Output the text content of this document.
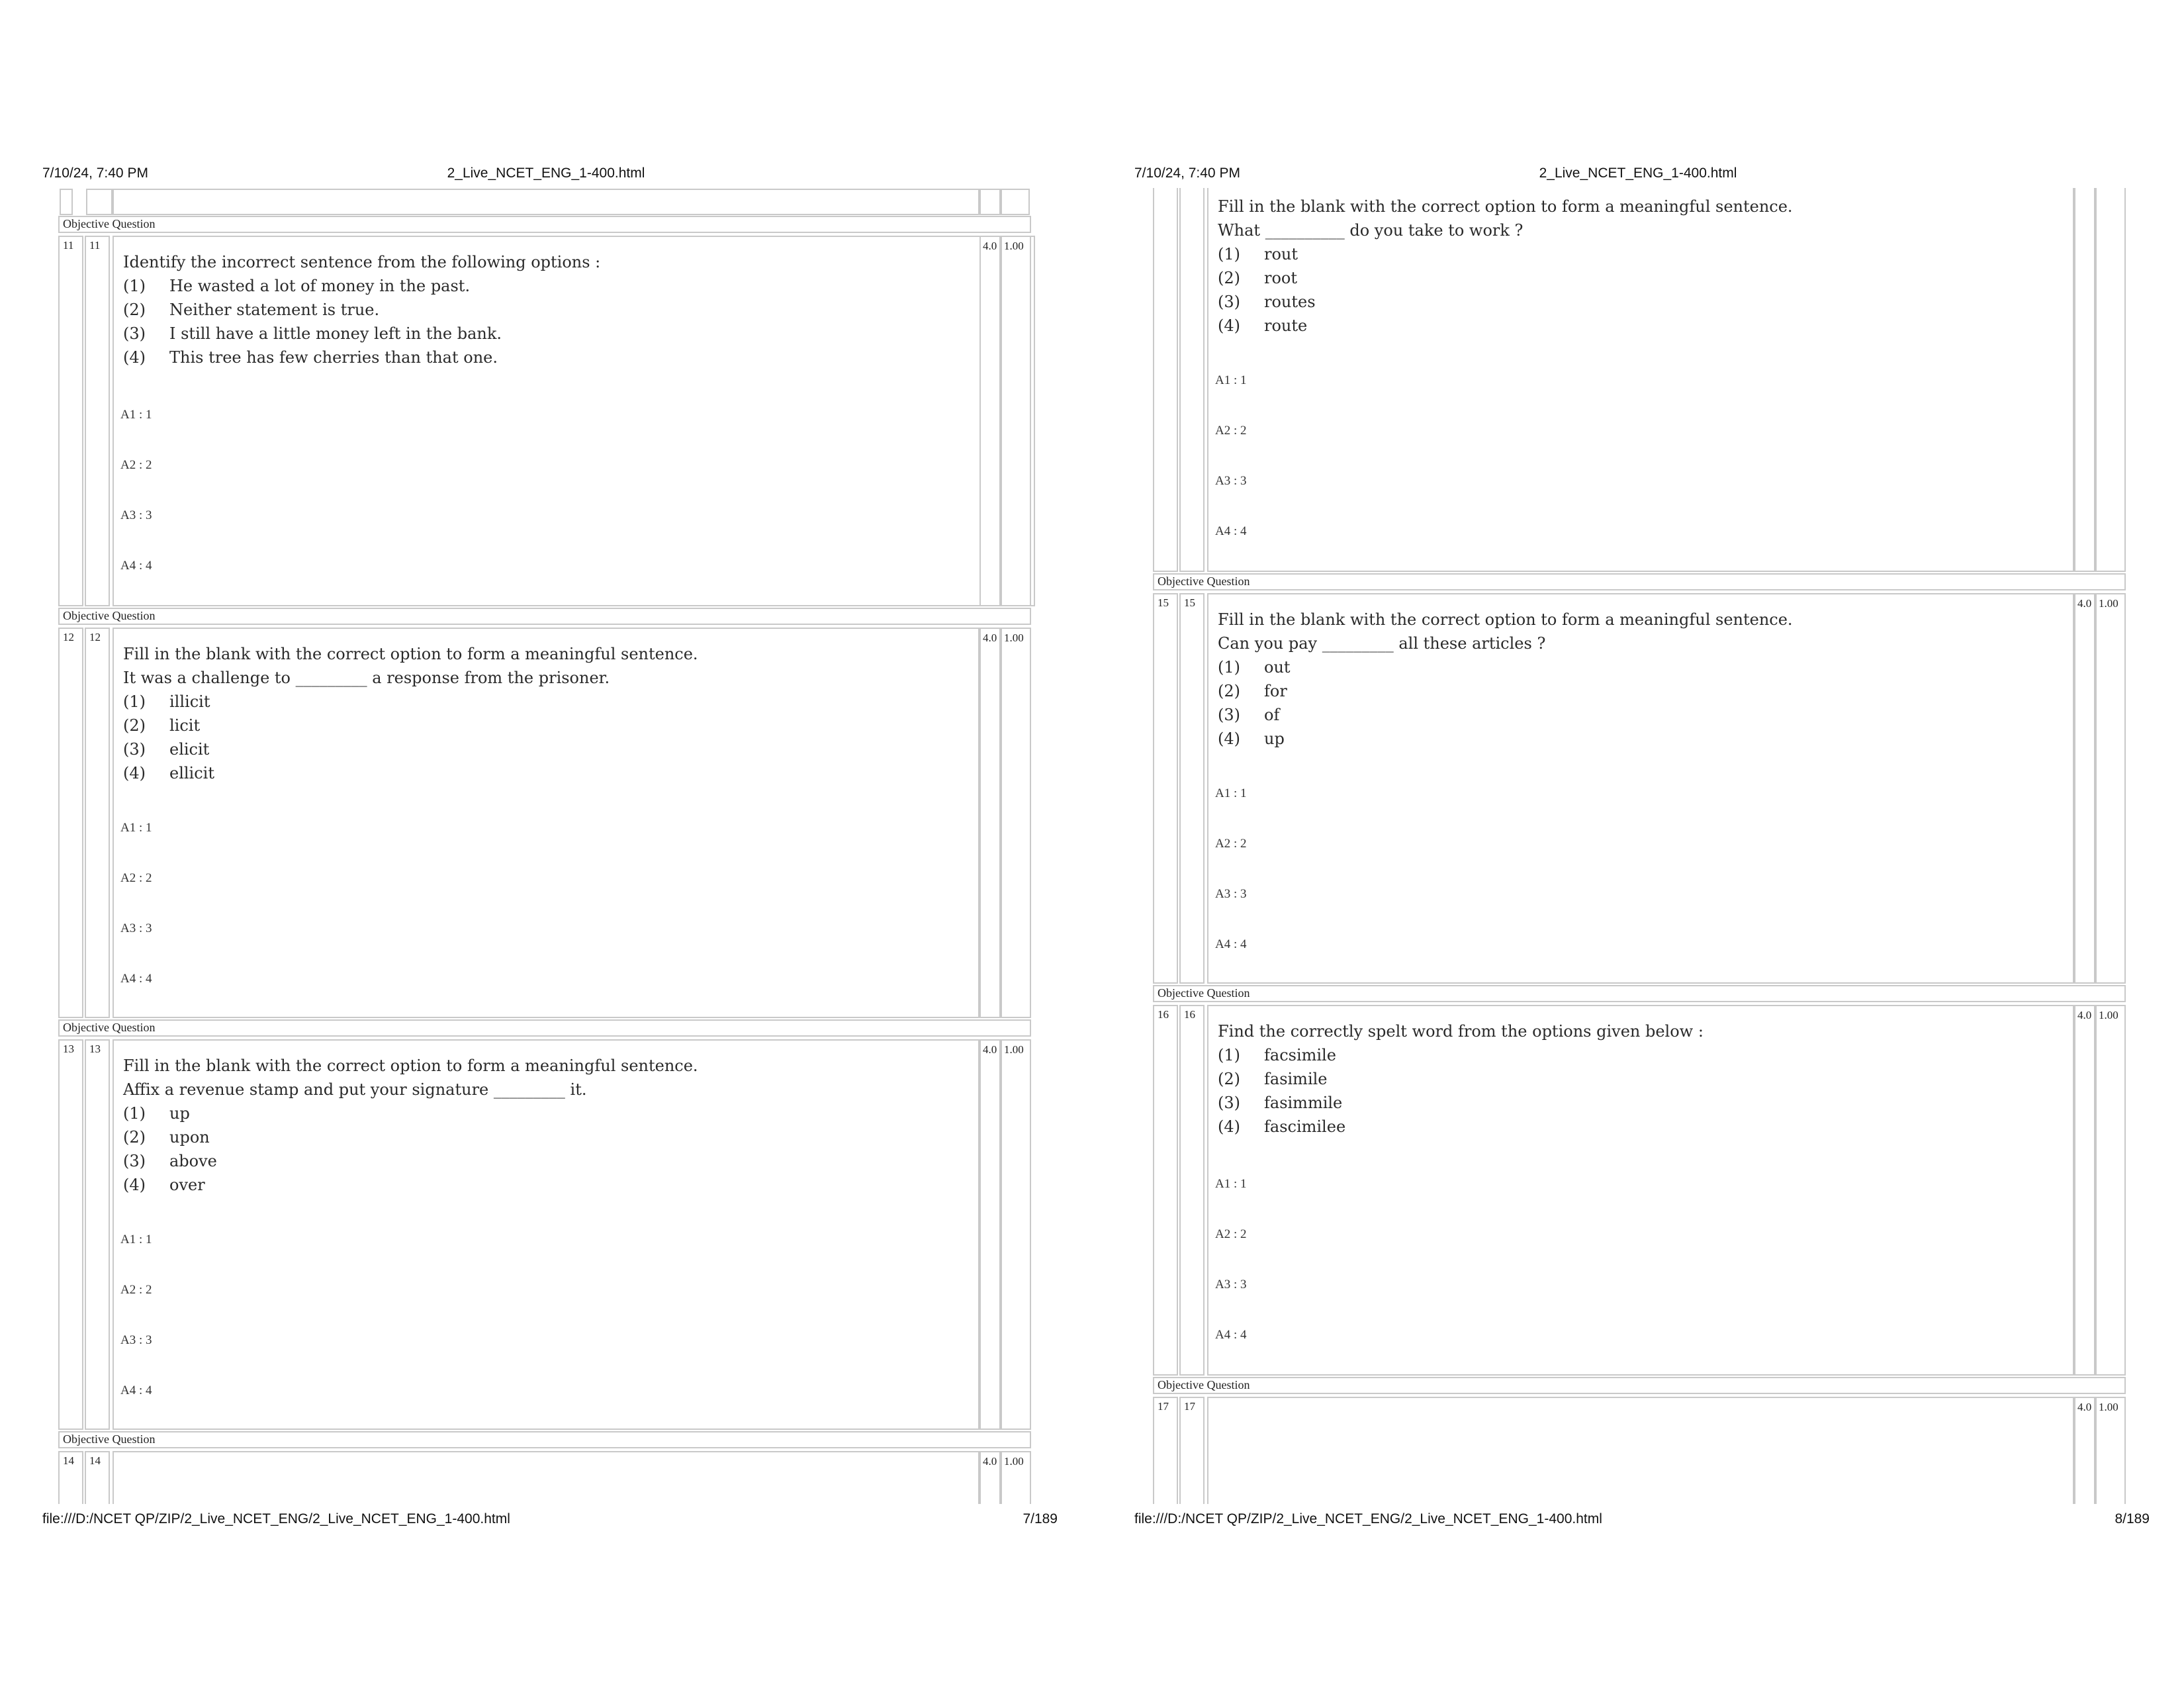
7/10/24, 7:40 PM	2_Live_NCET_ENG_1-400.html
Objective Question
11	11
Identify the incorrect sentence from the following options :
(1) He wasted a lot of money in the past.
(2) Neither statement is true.
(3) I still have a little money left in the bank.
(4) This tree has few cherries than that one.
A1 : 1
A2 : 2
A3 : 3
A4 : 4
4.0 1.00
Objective Question
12	12
Fill in the blank with the correct option to form a meaningful sentence.
It was a challenge to _________ a response from the prisoner.
(1) illicit
(2) licit
(3) elicit
(4) ellicit
A1 : 1
A2 : 2
A3 : 3
A4 : 4
4.0 1.00
Objective Question
13	13
Fill in the blank with the correct option to form a meaningful sentence.
Affix a revenue stamp and put your signature _________ it.
(1) up
(2) upon
(3) above
(4) over
A1 : 1
A2 : 2
A3 : 3
A4 : 4
4.0 1.00
Objective Question
14	14	4.0 1.00
file:///D:/NCET QP/ZIP/2_Live_NCET_ENG/2_Live_NCET_ENG_1-400.html	7/189
7/10/24, 7:40 PM	2_Live_NCET_ENG_1-400.html
Fill in the blank with the correct option to form a meaningful sentence.
What __________ do you take to work ?
(1) rout
(2) root
(3) routes
(4) route
A1 : 1
A2 : 2
A3 : 3
A4 : 4
Objective Question
15	15
Fill in the blank with the correct option to form a meaningful sentence.
Can you pay _________ all these articles ?
(1) out
(2) for
(3) of
(4) up
A1 : 1
A2 : 2
A3 : 3
A4 : 4
4.0 1.00
Objective Question
16	16
Find the correctly spelt word from the options given below :
(1) facsimile
(2) fasimile
(3) fasimmile
(4) fascimilee
A1 : 1
A2 : 2
A3 : 3
A4 : 4
4.0 1.00
Objective Question
17	17	4.0 1.00
file:///D:/NCET QP/ZIP/2_Live_NCET_ENG/2_Live_NCET_ENG_1-400.html	8/189
